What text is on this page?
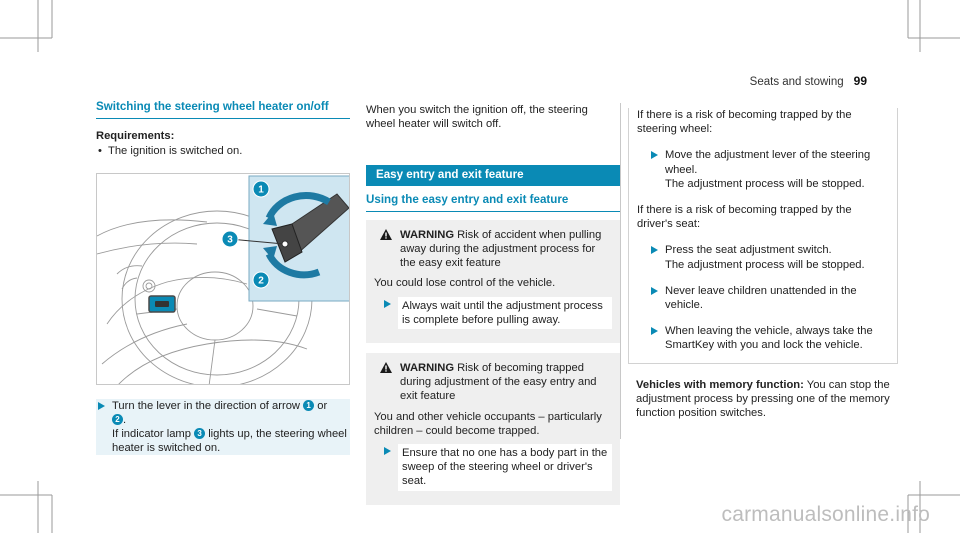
Seats and stowing 99
Switching the steering wheel heater on/off
Requirements:
• The ignition is switched on.
1
3
2
Turn the lever in the direction of arrow 1 or
2 .
If indicator lamp 3 lights up, the steering wheel heater is switched on.

When you switch the ignition off, the steering wheel heater will switch off.

Easy entry and exit feature
Using the easy entry and exit feature
WARNING Risk of accident when pulling away during the adjustment process for the easy exit feature

You could lose control of the vehicle.

Always wait until the adjustment process is complete before pulling away.
WARNING Risk of becoming trapped during adjustment of the easy entry and exit feature

You and other vehicle occupants – particularly children – could become trapped.

Ensure that no one has a body part in the sweep of the steering wheel or driver's seat.

If there is a risk of becoming trapped by the steering wheel:

Move the adjustment lever of the steering wheel.
The adjustment process will be stopped.

If there is a risk of becoming trapped by the driver's seat:

Press the seat adjustment switch.
The adjustment process will be stopped.
Never leave children unattended in the vehicle.
When leaving the vehicle, always take the SmartKey with you and lock the vehicle.

Vehicles with memory function: You can stop the adjustment process by pressing one of the memory function position switches.

carmanualsonline.info
